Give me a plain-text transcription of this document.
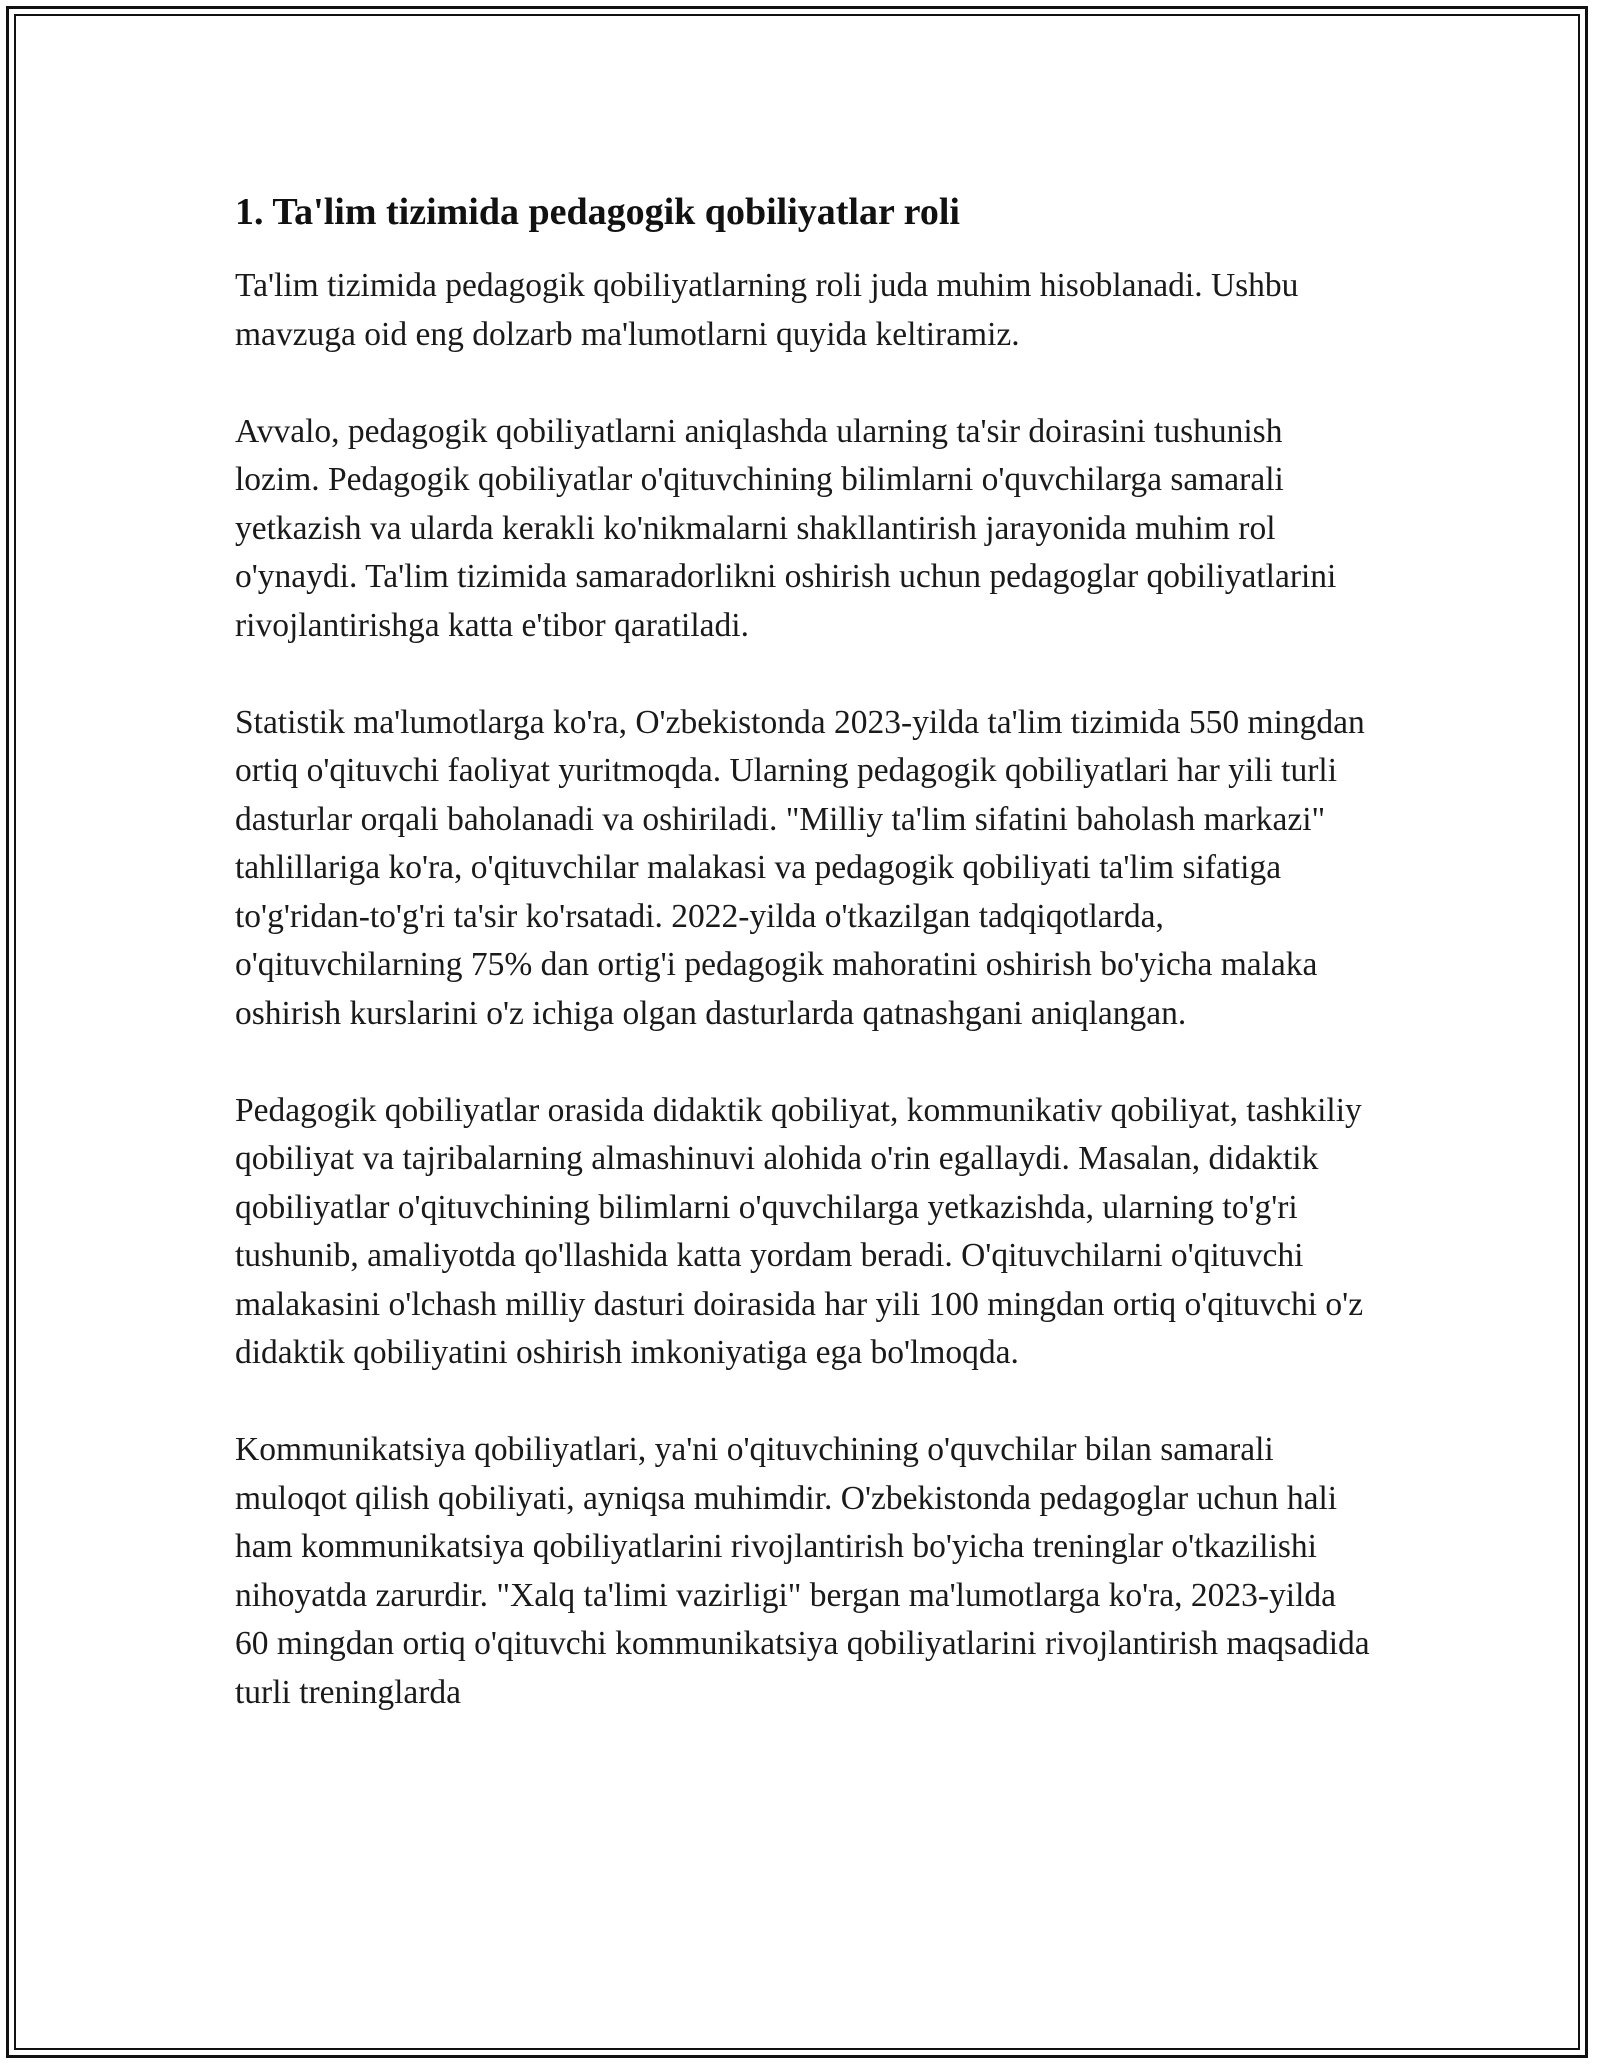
1. Ta'lim tizimida pedagogik qobiliyatlar roli

Ta'lim tizimida pedagogik qobiliyatlarning roli juda muhim hisoblanadi. Ushbu mavzuga oid eng dolzarb ma'lumotlarni quyida keltiramiz.

Avvalo, pedagogik qobiliyatlarni aniqlashda ularning ta'sir doirasini tushunish lozim. Pedagogik qobiliyatlar o'qituvchining bilimlarni o'quvchilarga samarali yetkazish va ularda kerakli ko'nikmalarni shakllantirish jarayonida muhim rol o'ynaydi. Ta'lim tizimida samaradorlikni oshirish uchun pedagoglar qobiliyatlarini rivojlantirishga katta e'tibor qaratiladi.

Statistik ma'lumotlarga ko'ra, O'zbekistonda 2023-yilda ta'lim tizimida 550 mingdan ortiq o'qituvchi faoliyat yuritmoqda. Ularning pedagogik qobiliyatlari har yili turli dasturlar orqali baholanadi va oshiriladi. "Milliy ta'lim sifatini baholash markazi" tahlillariga ko'ra, o'qituvchilar malakasi va pedagogik qobiliyati ta'lim sifatiga to'g'ridan-to'g'ri ta'sir ko'rsatadi. 2022-yilda o'tkazilgan tadqiqotlarda, o'qituvchilarning 75% dan ortig'i pedagogik mahoratini oshirish bo'yicha malaka oshirish kurslarini o'z ichiga olgan dasturlarda qatnashgani aniqlangan.

Pedagogik qobiliyatlar orasida didaktik qobiliyat, kommunikativ qobiliyat, tashkiliy qobiliyat va tajribalarning almashinuvi alohida o'rin egallaydi. Masalan, didaktik qobiliyatlar o'qituvchining bilimlarni o'quvchilarga yetkazishda, ularning to'g'ri tushunib, amaliyotda qo'llashida katta yordam beradi. O'qituvchilarni o'qituvchi malakasini o'lchash milliy dasturi doirasida har yili 100 mingdan ortiq o'qituvchi o'z didaktik qobiliyatini oshirish imkoniyatiga ega bo'lmoqda.

Kommunikatsiya qobiliyatlari, ya'ni o'qituvchining o'quvchilar bilan samarali muloqot qilish qobiliyati, ayniqsa muhimdir. O'zbekistonda pedagoglar uchun hali ham kommunikatsiya qobiliyatlarini rivojlantirish bo'yicha treninglar o'tkazilishi nihoyatda zarurdir. "Xalq ta'limi vazirligi" bergan ma'lumotlarga ko'ra, 2023-yilda 60 mingdan ortiq o'qituvchi kommunikatsiya qobiliyatlarini rivojlantirish maqsadida turli treninglarda
